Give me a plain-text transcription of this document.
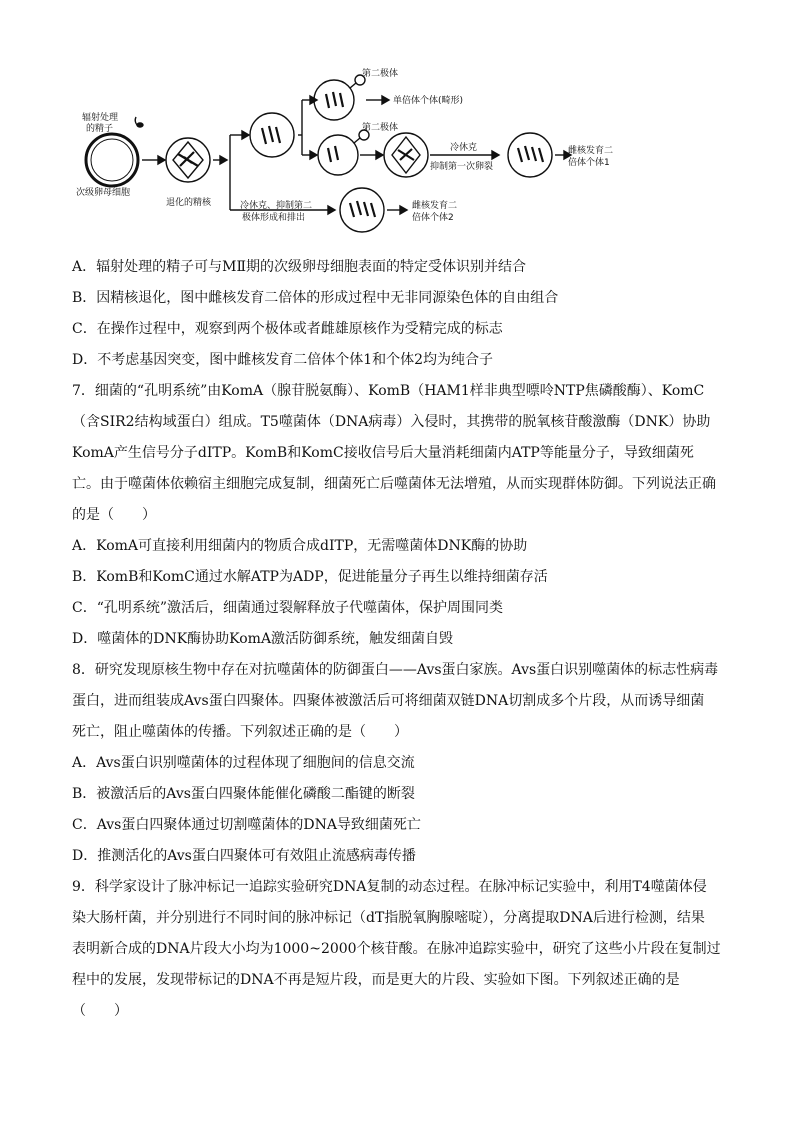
辐射处理
的精子
次级卵母细胞
退化的精核
第二极体
单倍体个体(畸形)
第二极体
冷休克
抑制第一次卵裂
雌核发育二
倍体个体1
冷休克、抑制第二
极体形成和排出
雌核发育二
倍体个体2
A．辐射处理的精子可与MⅡ期的次级卵母细胞表面的特定受体识别并结合
B．因精核退化，图中雌核发育二倍体的形成过程中无非同源染色体的自由组合
C．在操作过程中，观察到两个极体或者雌雄原核作为受精完成的标志
D．不考虑基因突变，图中雌核发育二倍体个体1和个体2均为纯合子
7．细菌的“孔明系统”由KomA（腺苷脱氨酶）、KomB（HAM1样非典型嘌呤NTP焦磷酸酶）、KomC
（含SIR2结构域蛋白）组成。T5噬菌体（DNA病毒）入侵时，其携带的脱氧核苷酸激酶（DNK）协助
KomA产生信号分子dITP。KomB和KomC接收信号后大量消耗细菌内ATP等能量分子，导致细菌死
亡。由于噬菌体依赖宿主细胞完成复制，细菌死亡后噬菌体无法增殖，从而实现群体防御。下列说法正确
的是（　　）
A．KomA可直接利用细菌内的物质合成dITP，无需噬菌体DNK酶的协助
B．KomB和KomC通过水解ATP为ADP，促进能量分子再生以维持细菌存活
C．“孔明系统”激活后，细菌通过裂解释放子代噬菌体，保护周围同类
D．噬菌体的DNK酶协助KomA激活防御系统，触发细菌自毁
8．研究发现原核生物中存在对抗噬菌体的防御蛋白——Avs蛋白家族。Avs蛋白识别噬菌体的标志性病毒
蛋白，进而组装成Avs蛋白四聚体。四聚体被激活后可将细菌双链DNA切割成多个片段，从而诱导细菌
死亡，阻止噬菌体的传播。下列叙述正确的是（　　）
A．Avs蛋白识别噬菌体的过程体现了细胞间的信息交流
B．被激活后的Avs蛋白四聚体能催化磷酸二酯键的断裂
C．Avs蛋白四聚体通过切割噬菌体的DNA导致细菌死亡
D．推测活化的Avs蛋白四聚体可有效阻止流感病毒传播
9．科学家设计了脉冲标记一追踪实验研究DNA复制的动态过程。在脉冲标记实验中，利用T4噬菌体侵
染大肠杆菌，并分别进行不同时间的脉冲标记（dT指脱氧胸腺嘧啶），分离提取DNA后进行检测，结果
表明新合成的DNA片段大小均为1000~2000个核苷酸。在脉冲追踪实验中，研究了这些小片段在复制过
程中的发展，发现带标记的DNA不再是短片段，而是更大的片段、实验如下图。下列叙述正确的是
（　　）
